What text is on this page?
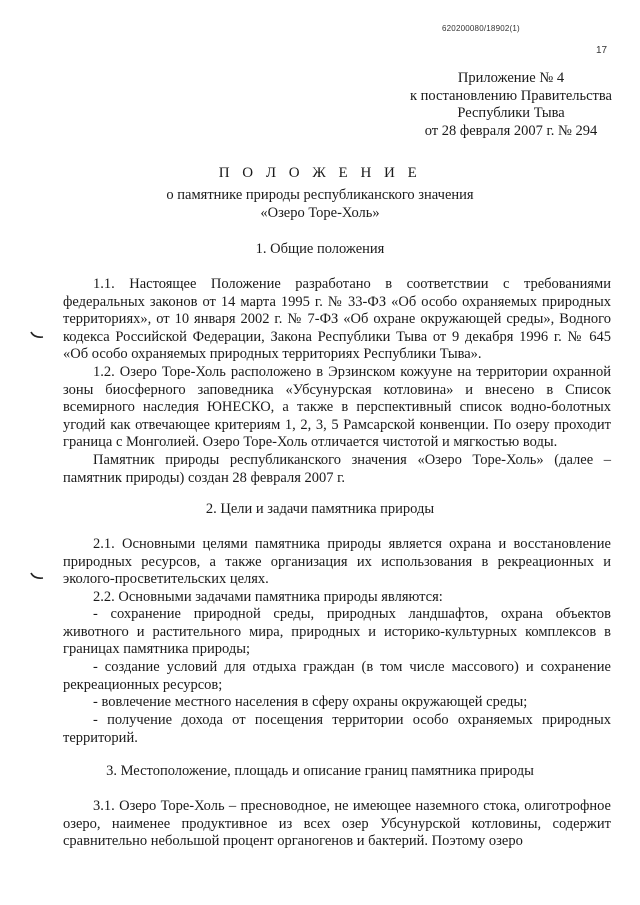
620200080/18902(1)
17
Приложение № 4
к постановлению Правительства
Республики Тыва
от 28 февраля 2007 г. № 294
П О Л О Ж Е Н И Е
о памятнике природы республиканского значения
«Озеро Торе-Холь»
1. Общие положения
1.1. Настоящее Положение разработано в соответствии с требованиями федеральных законов от 14 марта 1995 г. № 33-ФЗ «Об особо охраняемых природных территориях», от 10 января 2002 г. № 7-ФЗ «Об охране окружающей среды», Водного кодекса Российской Федерации, Закона Республики Тыва от 9 декабря 1996 г. № 645 «Об особо охраняемых природных территориях Республики Тыва».
1.2. Озеро Торе-Холь расположено в Эрзинском кожууне на территории охранной зоны биосферного заповедника «Убсунурская котловина» и внесено в Список всемирного наследия ЮНЕСКО, а также в перспективный список водно-болотных угодий как отвечающее критериям 1, 2, 3, 5 Рамсарской конвенции. По озеру проходит граница с Монголией. Озеро Торе-Холь отличается чистотой и мягкостью воды.
Памятник природы республиканского значения «Озеро Торе-Холь» (далее – памятник природы) создан 28 февраля 2007 г.
2. Цели и задачи памятника природы
2.1. Основными целями памятника природы является охрана и восстановление природных ресурсов, а также организация их использования в рекреационных и эколого-просветительских целях.
2.2. Основными задачами памятника природы являются:
- сохранение природной среды, природных ландшафтов, охрана объектов животного и растительного мира, природных и историко-культурных комплексов в границах памятника природы;
- создание условий для отдыха граждан (в том числе массового) и сохранение рекреационных ресурсов;
- вовлечение местного населения в сферу охраны окружающей среды;
- получение дохода от посещения территории особо охраняемых природных территорий.
3. Местоположение, площадь и описание границ памятника природы
3.1. Озеро Торе-Холь – пресноводное, не имеющее наземного стока, олиготрофное озеро, наименее продуктивное из всех озер Убсунурской котловины, содержит сравнительно небольшой процент органогенов и бактерий. Поэтому озеро
